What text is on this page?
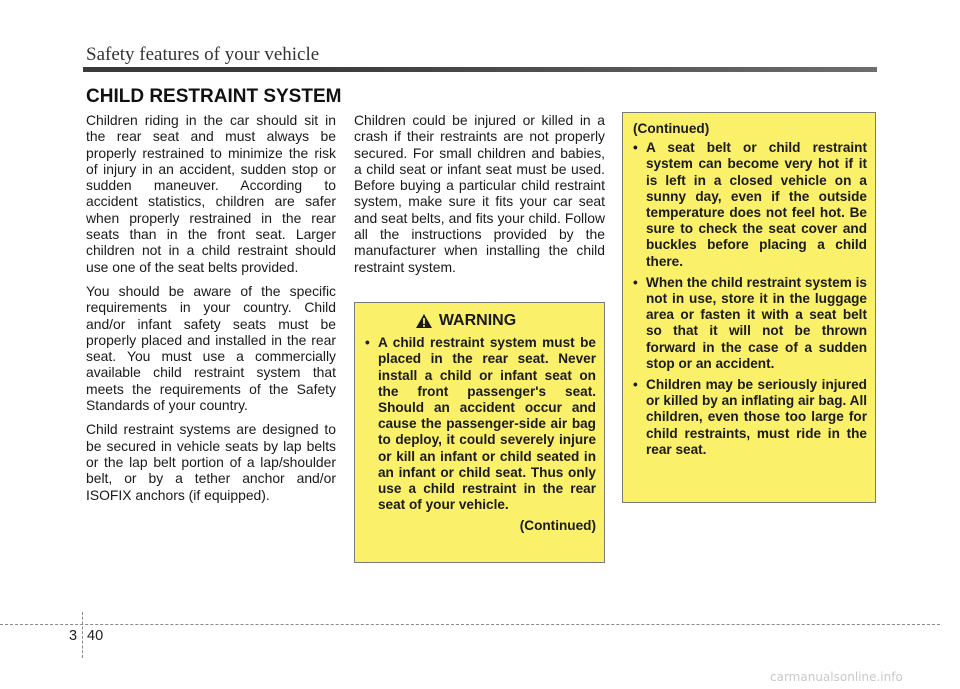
Safety features of your vehicle
CHILD RESTRAINT SYSTEM

Children riding in the car should sit in the rear seat and must always be properly restrained to minimize the risk of injury in an accident, sudden stop or sudden maneuver. According to accident statistics, children are safer when properly restrained in the rear seats than in the front seat. Larger children not in a child restraint should use one of the seat belts provided.

You should be aware of the specific requirements in your country. Child and/or infant safety seats must be properly placed and installed in the rear seat. You must use a commercially available child restraint system that meets the requirements of the Safety Standards of your country.

Child restraint systems are designed to be secured in vehicle seats by lap belts or the lap belt portion of a lap/shoulder belt, or by a tether anchor and/or ISOFIX anchors (if equipped).

Children could be injured or killed in a crash if their restraints are not properly secured. For small children and babies, a child seat or infant seat must be used. Before buying a particular child restraint system, make sure it fits your car seat and seat belts, and fits your child. Follow all the instructions provided by the manufacturer when installing the child restraint system.

WARNING
• A child restraint system must be placed in the rear seat. Never install a child or infant seat on the front passenger's seat. Should an accident occur and cause the passenger-side air bag to deploy, it could severely injure or kill an infant or child seated in an infant or child seat. Thus only use a child restraint in the rear seat of your vehicle.
(Continued)
(Continued)
• A seat belt or child restraint system can become very hot if it is left in a closed vehicle on a sunny day, even if the outside temperature does not feel hot. Be sure to check the seat cover and buckles before placing a child there.
• When the child restraint system is not in use, store it in the luggage area or fasten it with a seat belt so that it will not be thrown forward in the case of a sudden stop or an accident.
• Children may be seriously injured or killed by an inflating air bag. All children, even those too large for child restraints, must ride in the rear seat.
3 40
carmanualsonline.info
